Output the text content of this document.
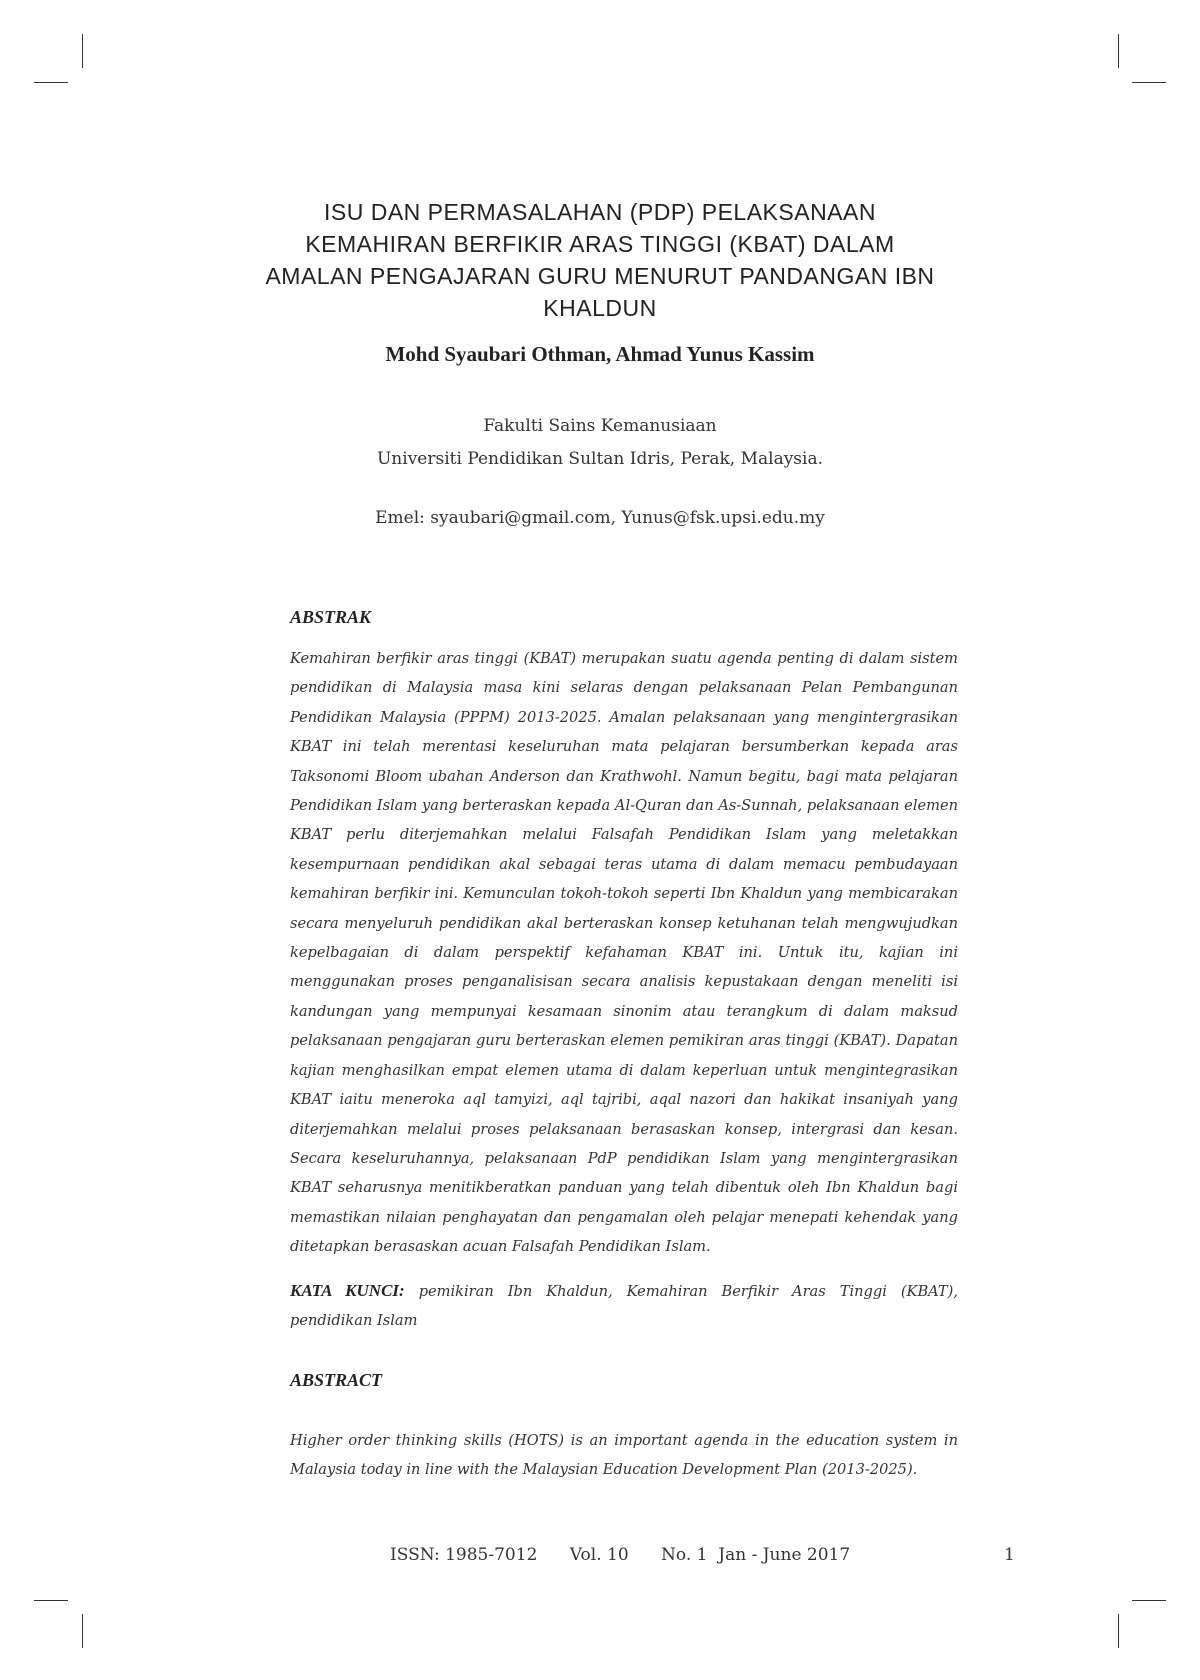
ISU DAN PERMASALAHAN (PDP) PELAKSANAAN
KEMAHIRAN BERFIKIR ARAS TINGGI (KBAT) DALAM
AMALAN PENGAJARAN GURU MENURUT PANDANGAN IBN
KHALDUN
Mohd Syaubari Othman, Ahmad Yunus Kassim
Fakulti Sains Kemanusiaan
Universiti Pendidikan Sultan Idris, Perak, Malaysia.
Emel: syaubari@gmail.com, Yunus@fsk.upsi.edu.my
ABSTRAK
Kemahiran berfikir aras tinggi (KBAT) merupakan suatu agenda penting di dalam sistem pendidikan di Malaysia masa kini selaras dengan pelaksanaan Pelan Pembangunan Pendidikan Malaysia (PPPM) 2013-2025. Amalan pelaksanaan yang mengintergrasikan KBAT ini telah merentasi keseluruhan mata pelajaran bersumberkan kepada aras Taksonomi Bloom ubahan Anderson dan Krathwohl. Namun begitu, bagi mata pelajaran Pendidikan Islam yang berteraskan kepada Al-Quran dan As-Sunnah, pelaksanaan elemen KBAT perlu diterjemahkan melalui Falsafah Pendidikan Islam yang meletakkan kesempurnaan pendidikan akal sebagai teras utama di dalam memacu pembudayaan kemahiran berfikir ini. Kemunculan tokoh-tokoh seperti Ibn Khaldun yang membicarakan secara menyeluruh pendidikan akal berteraskan konsep ketuhanan telah mengwujudkan kepelbagaian di dalam perspektif kefahaman KBAT ini. Untuk itu, kajian ini menggunakan proses penganalisisan secara analisis kepustakaan dengan meneliti isi kandungan yang mempunyai kesamaan sinonim atau terangkum di dalam maksud pelaksanaan pengajaran guru berteraskan elemen pemikiran aras tinggi (KBAT). Dapatan kajian menghasilkan empat elemen utama di dalam keperluan untuk mengintegrasikan KBAT iaitu meneroka aql tamyizi, aql tajribi, aqal nazori dan hakikat insaniyah yang diterjemahkan melalui proses pelaksanaan berasaskan konsep, intergrasi dan kesan. Secara keseluruhannya, pelaksanaan PdP pendidikan Islam yang mengintergrasikan KBAT seharusnya menitikberatkan panduan yang telah dibentuk oleh Ibn Khaldun bagi memastikan nilaian penghayatan dan pengamalan oleh pelajar menepati kehendak yang ditetapkan berasaskan acuan Falsafah Pendidikan Islam.
KATA KUNCI: pemikiran Ibn Khaldun, Kemahiran Berfikir Aras Tinggi (KBAT), pendidikan Islam
ABSTRACT
Higher order thinking skills (HOTS) is an important agenda in the education system in Malaysia today in line with the Malaysian Education Development Plan (2013-2025).
ISSN: 1985-7012      Vol. 10      No. 1  Jan - June 2017	1
